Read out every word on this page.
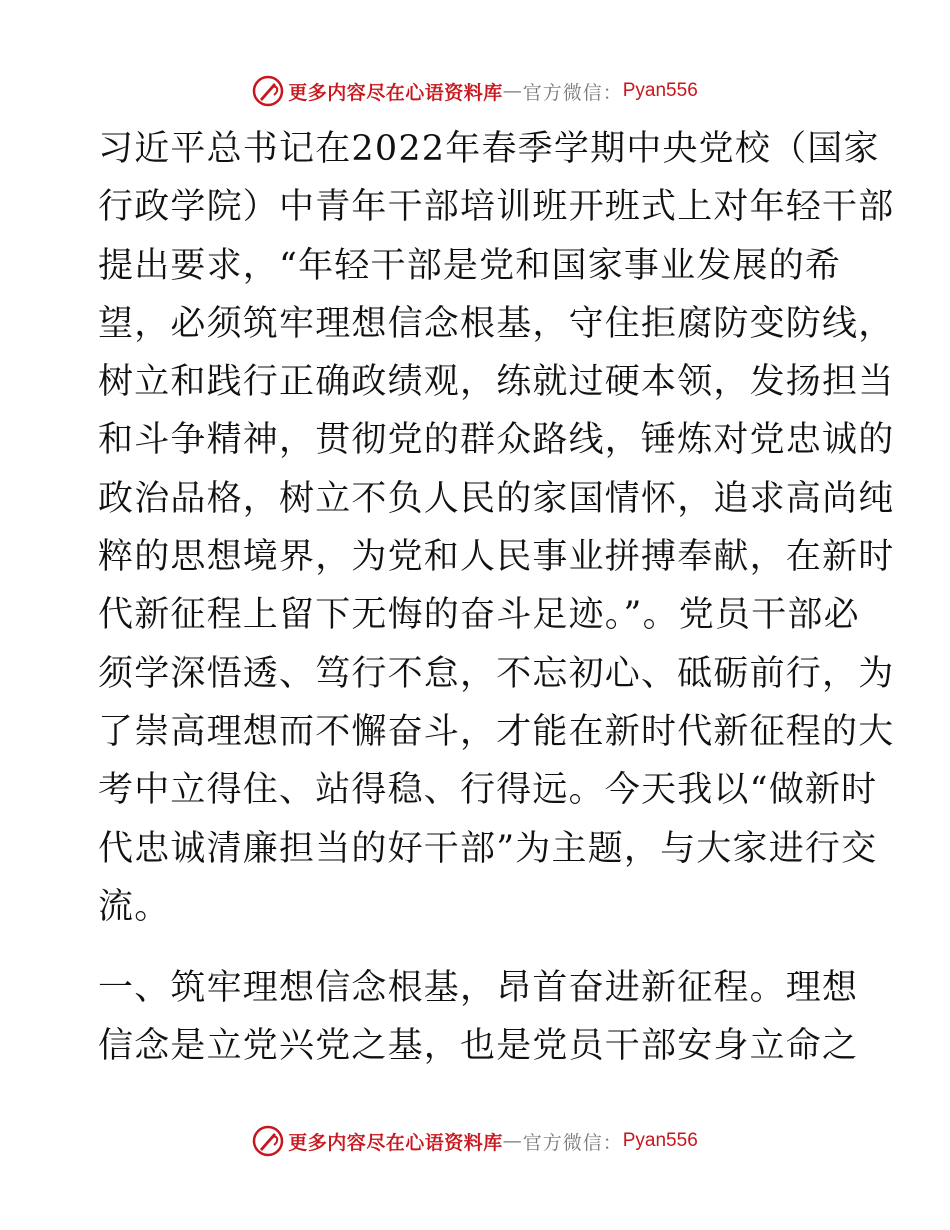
更多内容尽在心语资料库 — 官方微信： Pyan556

习近平总书记在2022年春季学期中央党校（国家
行政学院）中青年干部培训班开班式上对年轻干部
提出要求，“年轻干部是党和国家事业发展的希
望，必须筑牢理想信念根基，守住拒腐防变防线，
树立和践行正确政绩观，练就过硬本领，发扬担当
和斗争精神，贯彻党的群众路线，锤炼对党忠诚的
政治品格，树立不负人民的家国情怀，追求高尚纯
粹的思想境界，为党和人民事业拼搏奉献，在新时
代新征程上留下无悔的奋斗足迹。”。党员干部必
须学深悟透、笃行不怠，不忘初心、砥砺前行，为
了崇高理想而不懈奋斗，才能在新时代新征程的大
考中立得住、站得稳、行得远。今天我以“做新时
代忠诚清廉担当的好干部”为主题，与大家进行交
流。

一、筑牢理想信念根基，昂首奋进新征程。理想
信念是立党兴党之基，也是党员干部安身立命之

更多内容尽在心语资料库 — 官方微信： Pyan556
